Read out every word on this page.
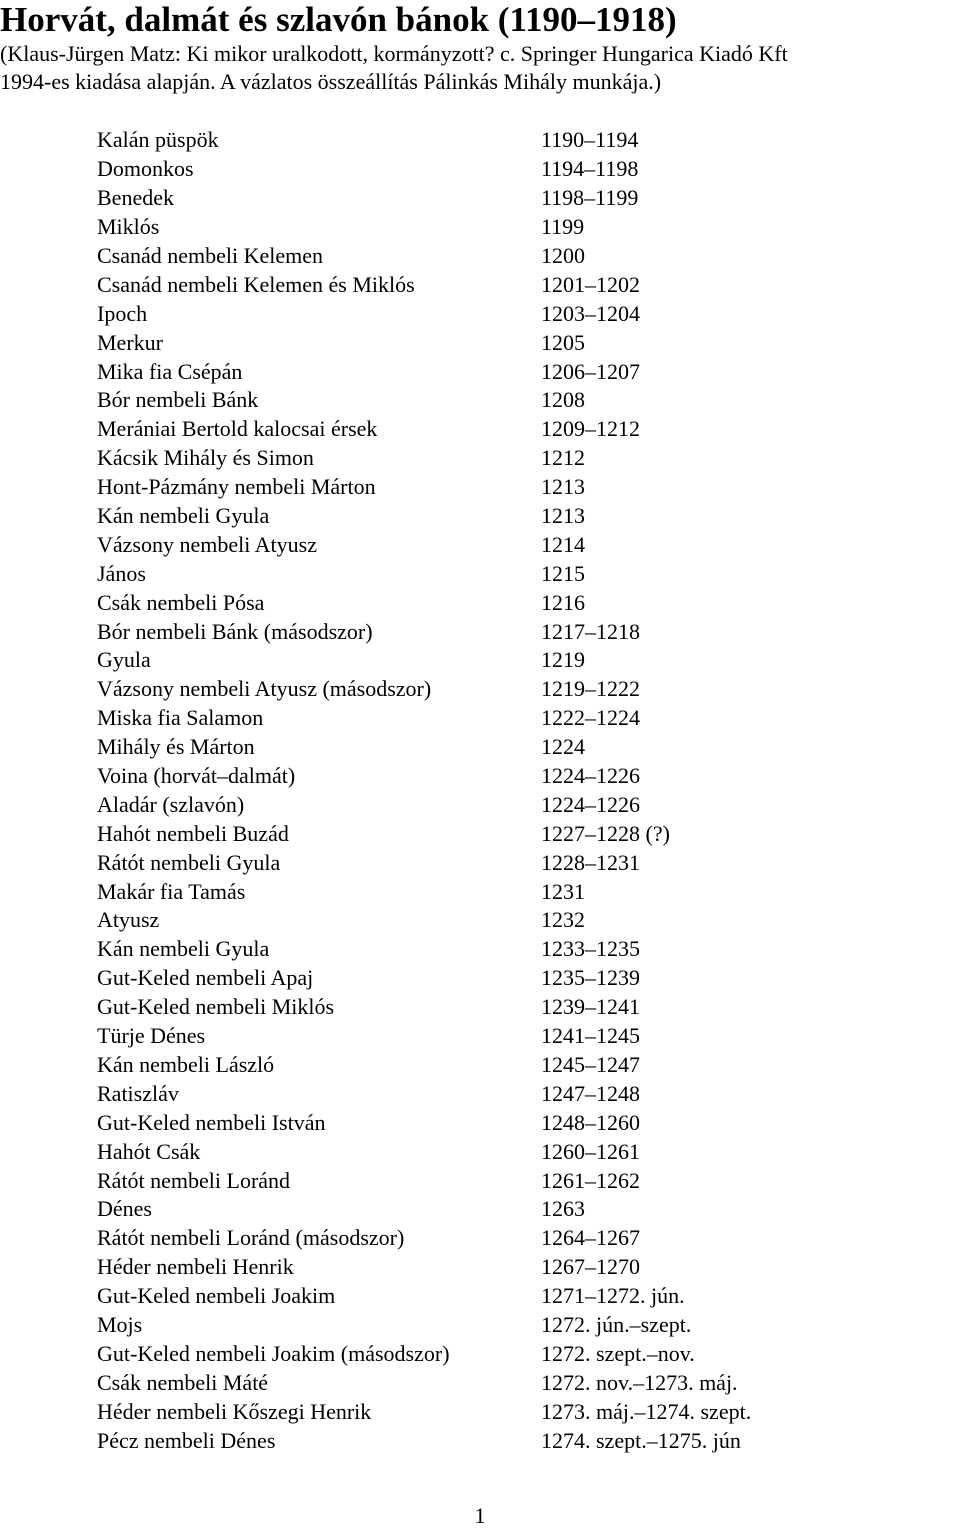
Horvát, dalmát és szlavón bánok (1190–1918)
(Klaus-Jürgen Matz: Ki mikor uralkodott, kormányzott? c. Springer Hungarica Kiadó Kft
1994-es kiadása alapján. A vázlatos összeállítás Pálinkás Mihály munkája.)
Kalán püspök	1190–1194
Domonkos	1194–1198
Benedek	1198–1199
Miklós	1199
Csanád nembeli Kelemen	1200
Csanád nembeli Kelemen és Miklós	1201–1202
Ipoch	1203–1204
Merkur	1205
Mika fia Csépán	1206–1207
Bór nembeli Bánk	1208
Merániai Bertold kalocsai érsek	1209–1212
Kácsik Mihály és Simon	1212
Hont-Pázmány nembeli Márton	1213
Kán nembeli Gyula	1213
Vázsony nembeli Atyusz	1214
János	1215
Csák nembeli Pósa	1216
Bór nembeli Bánk (másodszor)	1217–1218
Gyula	1219
Vázsony nembeli Atyusz (másodszor)	1219–1222
Miska fia Salamon	1222–1224
Mihály és Márton	1224
Voina (horvát–dalmát)	1224–1226
Aladár (szlavón)	1224–1226
Hahót nembeli Buzád	1227–1228 (?)
Rátót nembeli Gyula	1228–1231
Makár fia Tamás	1231
Atyusz	1232
Kán nembeli Gyula	1233–1235
Gut-Keled nembeli Apaj	1235–1239
Gut-Keled nembeli Miklós	1239–1241
Türje Dénes	1241–1245
Kán nembeli László	1245–1247
Ratiszláv	1247–1248
Gut-Keled nembeli István	1248–1260
Hahót Csák	1260–1261
Rátót nembeli Loránd	1261–1262
Dénes	1263
Rátót nembeli Loránd (másodszor)	1264–1267
Héder nembeli Henrik	1267–1270
Gut-Keled nembeli Joakim	1271–1272. jún.
Mojs	1272. jún.–szept.
Gut-Keled nembeli Joakim (másodszor)	1272. szept.–nov.
Csák nembeli Máté	1272. nov.–1273. máj.
Héder nembeli Kőszegi Henrik	1273. máj.–1274. szept.
Pécz nembeli Dénes	1274. szept.–1275. jún
1
